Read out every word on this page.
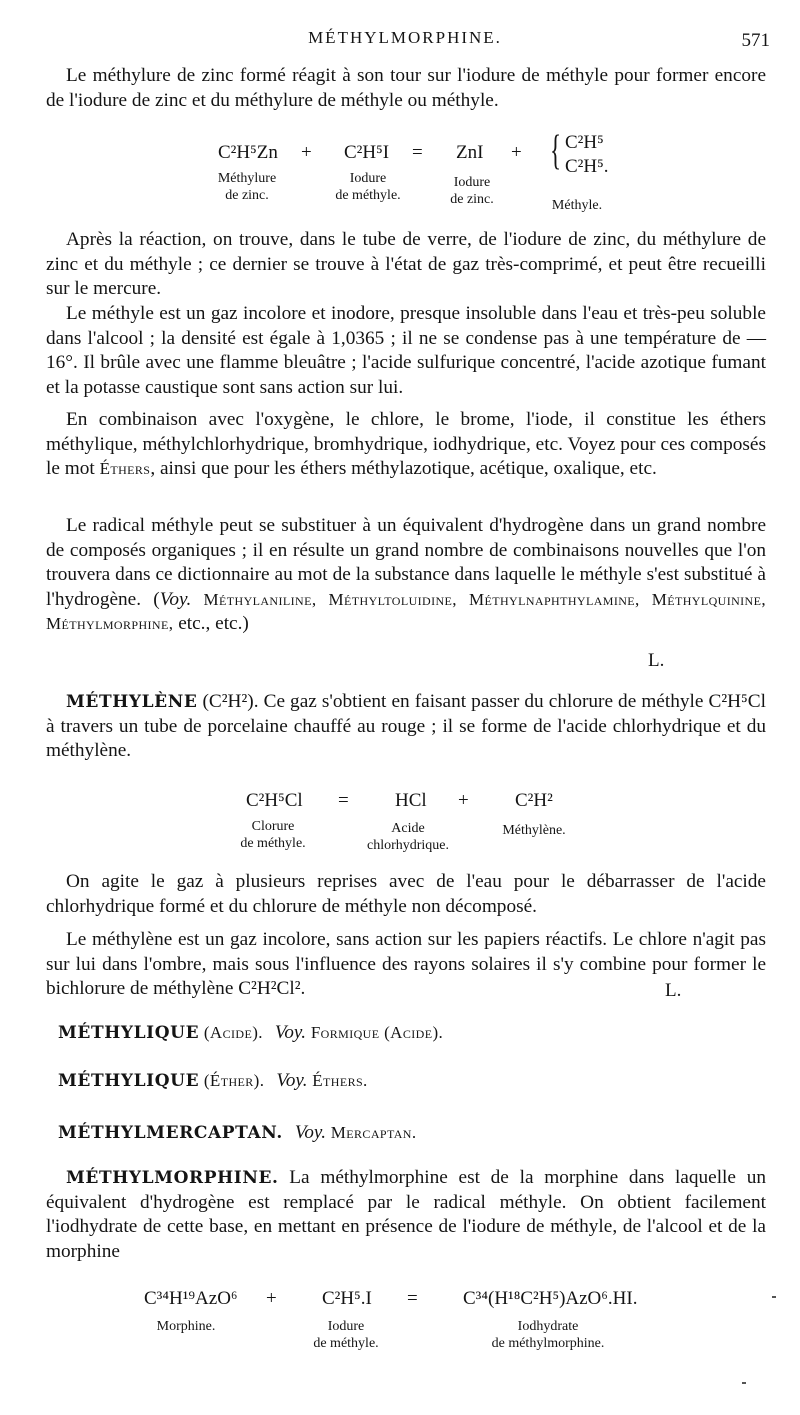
MÉTHYLMORPHINE.	571

Le méthylure de zinc formé réagit à son tour sur l'iodure de méthyle pour former encore de l'iodure de zinc et du méthylure de méthyle ou méthyle.

C²H⁵Zn + C²H⁵I = ZnI + { C²H⁵
C²H⁵.
Méthylure
de zinc.
Iodure
de méthyle.
Iodure
de zinc.	Méthyle.

Après la réaction, on trouve, dans le tube de verre, de l'iodure de zinc, du méthylure de zinc et du méthyle ; ce dernier se trouve à l'état de gaz très-comprimé, et peut être recueilli sur le mercure.

Le méthyle est un gaz incolore et inodore, presque insoluble dans l'eau et très-peu soluble dans l'alcool ; la densité est égale à 1,0365 ; il ne se condense pas à une température de — 16°. Il brûle avec une flamme bleuâtre ; l'acide sulfurique concentré, l'acide azotique fumant et la potasse caustique sont sans action sur lui.

En combinaison avec l'oxygène, le chlore, le brome, l'iode, il constitue les éthers méthylique, méthylchlorhydrique, bromhydrique, iodhydrique, etc. Voyez pour ces composés le mot Éthers, ainsi que pour les éthers méthylazotique, acétique, oxalique, etc.

Le radical méthyle peut se substituer à un équivalent d'hydrogène dans un grand nombre de composés organiques ; il en résulte un grand nombre de combinaisons nouvelles que l'on trouvera dans ce dictionnaire au mot de la substance dans laquelle le méthyle s'est substitué à l'hydrogène. (Voy. Méthylaniline, Méthyltoluidine, Méthylnaphthylamine, Méthylquinine, Méthylmorphine, etc., etc.)

L.

MÉTHYLÈNE (C²H²). Ce gaz s'obtient en faisant passer du chlorure de méthyle C²H⁵Cl à travers un tube de porcelaine chauffé au rouge ; il se forme de l'acide chlorhydrique et du méthylène.

C²H⁵Cl = HCl + C²H²
Clorure
de méthyle.
Acide
chlorhydrique.
Méthylène.

On agite le gaz à plusieurs reprises avec de l'eau pour le débarrasser de l'acide chlorhydrique formé et du chlorure de méthyle non décomposé.

Le méthylène est un gaz incolore, sans action sur les papiers réactifs. Le chlore n'agit pas sur lui dans l'ombre, mais sous l'influence des rayons solaires il s'y combine pour former le bichlorure de méthylène C²H²Cl².	L.
MÉTHYLIQUE (Acide). Voy. Formique (Acide).
MÉTHYLIQUE (Éther). Voy. Éthers.
MÉTHYLMERCAPTAN. Voy. Mercaptan.

MÉTHYLMORPHINE. La méthylmorphine est de la morphine dans laquelle un équivalent d'hydrogène est remplacé par le radical méthyle. On obtient facilement l'iodhydrate de cette base, en mettant en présence de l'iodure de méthyle, de l'alcool et de la morphine

C³⁴H¹⁹AzO⁶ + C²H⁵.I = C³⁴(H¹⁸C²H⁵)AzO⁶.HI.
Morphine.	Iodure
de méthyle.
Iodhydrate
de méthylmorphine.
